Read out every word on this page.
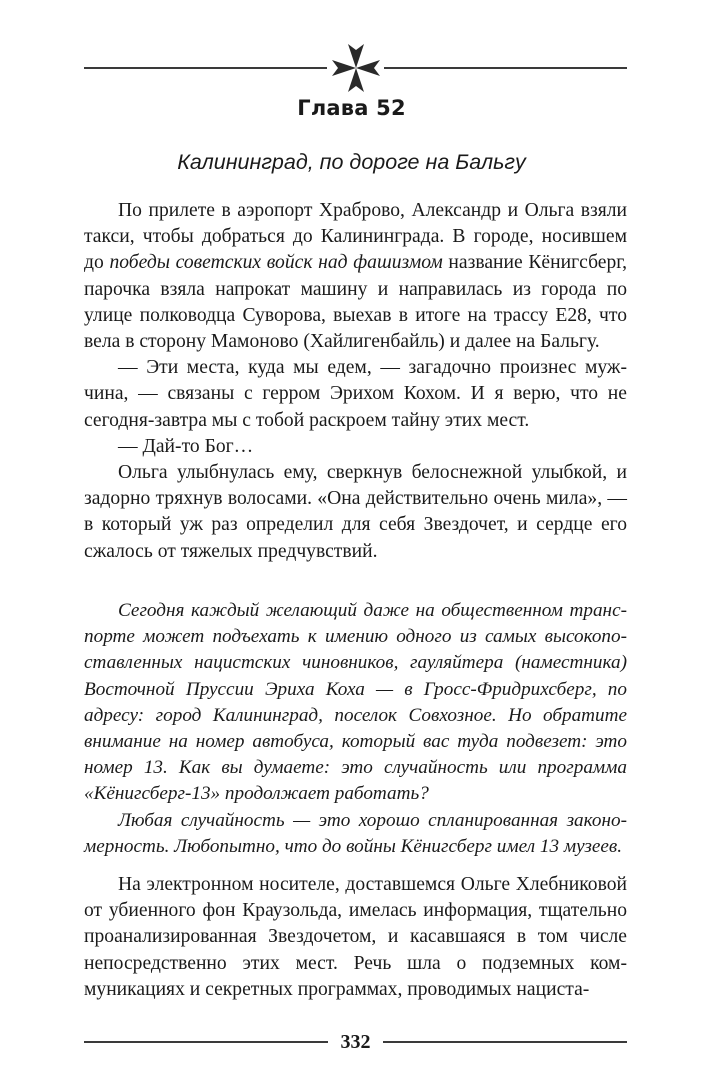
Глава 52
Калининград, по дороге на Бальгу

По прилете в аэропорт Храброво, Александр и Ольга взяли такси, чтобы добраться до Калининграда. В городе, носившем до победы советских войск над фашизмом название Кёнигсберг, парочка взяла напрокат машину и направилась из города по улице полководца Суворова, выехав в итоге на трассу Е28, что вела в сторону Мамоново (Хайлигенбайль) и далее на Бальгу.

— Эти места, куда мы едем, — загадочно произнес мужчина, — связаны с герром Эрихом Кохом. И я верю, что не сегодня-завтра мы с тобой раскроем тайну этих мест.

— Дай-то Бог…

Ольга улыбнулась ему, сверкнув белоснежной улыбкой, и задорно тряхнув волосами. «Она действительно очень мила», — в который уж раз определил для себя Звездочет, и сердце его сжалось от тяжелых предчувствий.

Сегодня каждый желающий даже на общественном транспорте может подъехать к имению одного из самых высокопоставленных нацистских чиновников, гауляйтера (наместника) Восточной Пруссии Эриха Коха — в Гросс-Фридрихсберг, по адресу: город Калининград, поселок Совхозное. Но обратите внимание на номер автобуса, который вас туда подвезет: это номер 13. Как вы думаете: это случайность или программа «Кёнигсберг-13» продолжает работать?

Любая случайность — это хорошо спланированная закономерность. Любопытно, что до войны Кёнигсберг имел 13 музеев.

На электронном носителе, доставшемся Ольге Хлебниковой от убиенного фон Краузольда, имелась информация, тщательно проанализированная Звездочетом, и касавшаяся в том числе непосредственно этих мест. Речь шла о подземных коммуникациях и секретных программах, проводимых нациста-

332
